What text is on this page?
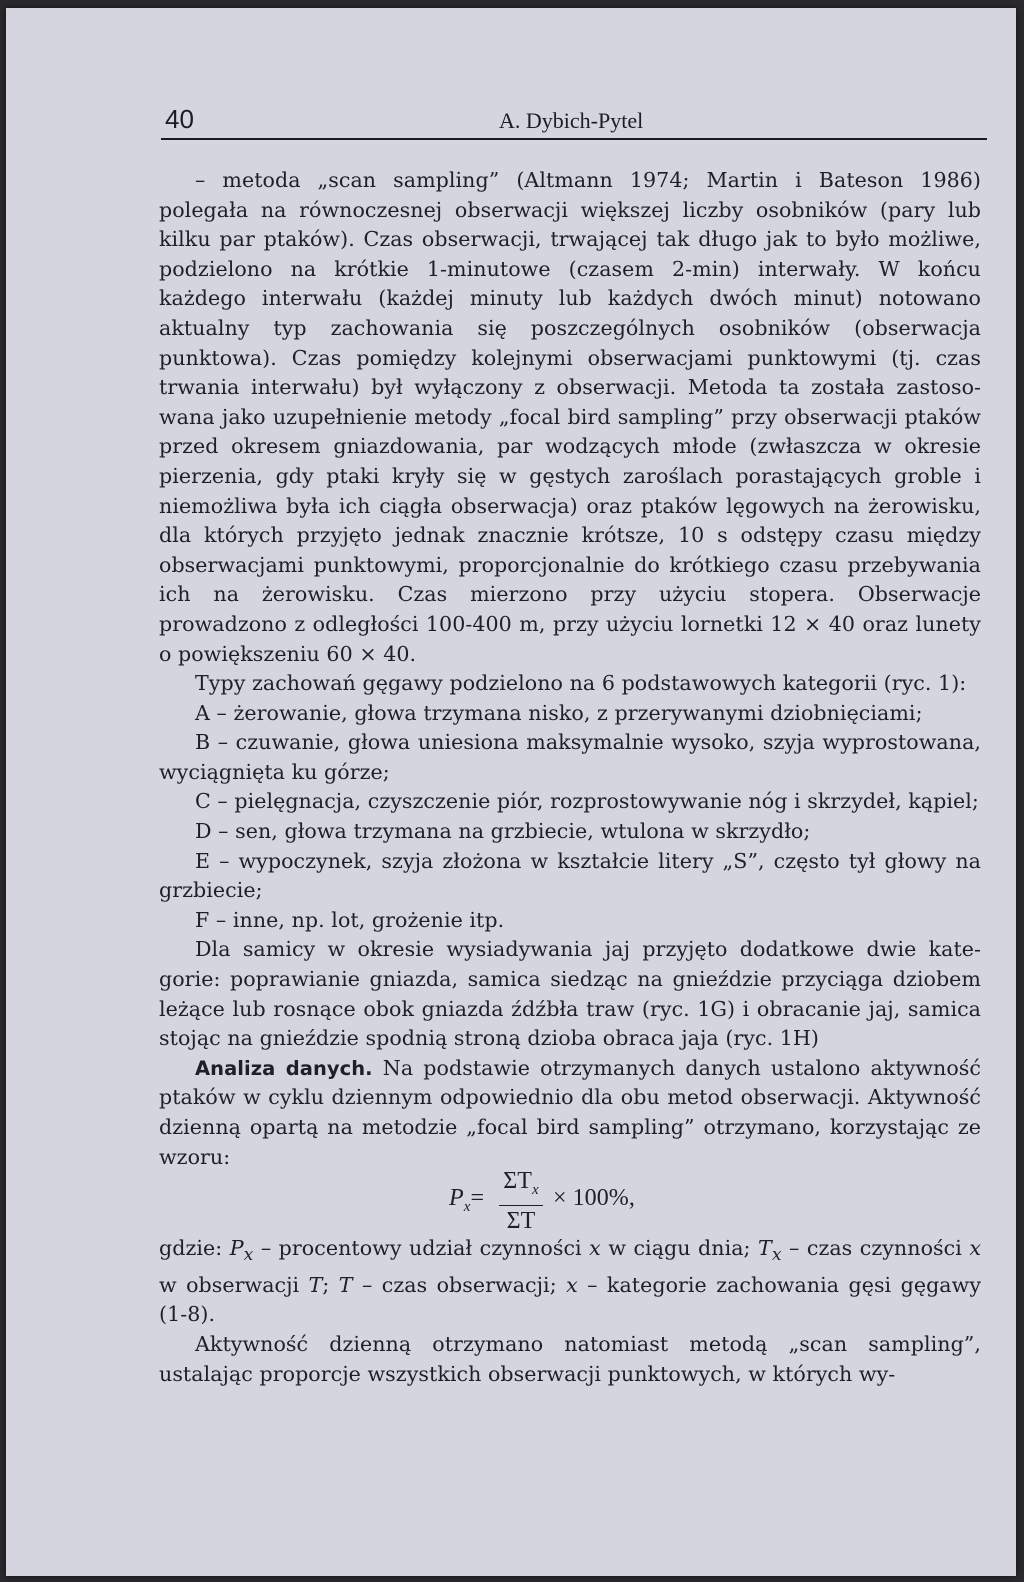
40	A. Dybich-Pytel

– metoda „scan sampling” (Altmann 1974; Martin i Bateson 1986) polegała na równoczesnej obserwacji większej liczby osobników (pary lub kilku par ptaków). Czas obserwacji, trwającej tak długo jak to było możliwe, podzielono na krótkie 1-minutowe (czasem 2-min) interwały. W końcu każdego interwału (każdej minuty lub każdych dwóch minut) notowano aktualny typ zachowania się poszczególnych osobników (obserwacja punktowa). Czas pomiędzy kolejnymi obserwacjami punktowymi (tj. czas trwania interwału) był wyłączony z obserwacji. Metoda ta została zastosowana jako uzupełnienie metody „focal bird sampling” przy obserwacji ptaków przed okresem gniazdowania, par wodzących młode (zwłaszcza w okresie pierzenia, gdy ptaki kryły się w gęstych zaroślach porastających groble i niemożliwa była ich ciągła obserwacja) oraz ptaków lęgowych na żerowisku, dla których przyjęto jednak znacznie krótsze, 10 s odstępy czasu między obserwacjami punktowymi, proporcjonalnie do krótkiego czasu przebywania ich na żerowisku. Czas mierzono przy użyciu stopera. Obserwacje prowadzono z odległości 100-400 m, przy użyciu lornetki 12 × 40 oraz lunety o powiększeniu 60 × 40.

Typy zachowań gęgawy podzielono na 6 podstawowych kategorii (ryc. 1):

A – żerowanie, głowa trzymana nisko, z przerywanymi dziobnięciami;

B – czuwanie, głowa uniesiona maksymalnie wysoko, szyja wyprostowana, wyciągnięta ku górze;

C – pielęgnacja, czyszczenie piór, rozprostowywanie nóg i skrzydeł, kąpiel;

D – sen, głowa trzymana na grzbiecie, wtulona w skrzydło;

E – wypoczynek, szyja złożona w kształcie litery „S”, często tył głowy na grzbiecie;

F – inne, np. lot, grożenie itp.

Dla samicy w okresie wysiadywania jaj przyjęto dodatkowe dwie kategorie: poprawianie gniazda, samica siedząc na gnieździe przyciąga dziobem leżące lub rosnące obok gniazda źdźbła traw (ryc. 1G) i obracanie jaj, samica stojąc na gnieździe spodnią stroną dzioba obraca jaja (ryc. 1H)

Analiza danych. Na podstawie otrzymanych danych ustalono aktywność ptaków w cyklu dziennym odpowiednio dla obu metod obserwacji. Aktywność dzienną opartą na metodzie „focal bird sampling” otrzymano, korzystając ze wzoru:

$P_x=$
$\Sigma T_x$
ΣT
× 100%,

gdzie: $P_x$ – procentowy udział czynności x w ciągu dnia; $T_x$ – czas czynności x w obserwacji T; T – czas obserwacji; x – kategorie zachowania gęsi gęgawy (1-8).

Aktywność dzienną otrzymano natomiast metodą „scan sampling”, ustalając proporcje wszystkich obserwacji punktowych, w których wy-
